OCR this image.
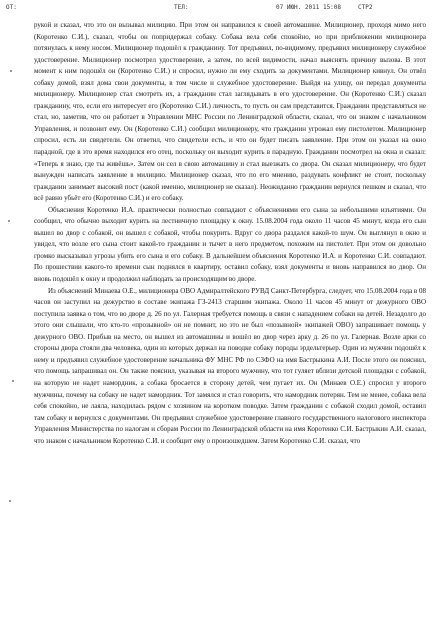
ОТ:	ТЕЛ:	07 ИЮН. 2011 15:08	СТР2

рукой и сказал, что это он вызывал милицию. При этом он направился к своей автомашине. Милиционер, проходя мимо него (Коротенко С.И.), сказал, чтобы он попридержал собаку. Собака вела себя спокойно, но при приближении милиционера потянулась к нему носом. Милиционер подошёл к гражданину. Тот предъявил, по-видимому, предъявил милиционеру служебное удостоверение. Милиционер посмотрел удостоверение, а затем, по всей видимости, начал выяснять причину вызова. В этот момент к ним подошёл он (Коротенко С.И.) и спросил, нужно ли ему сходить за документами. Милиционер кивнул. Он отвёл собаку домой, взял дома свои документы, в том числе и служебное удостоверение. Выйдя на улицу, он передал документы милиционеру. Милиционер стал смотреть их, а гражданин стал заглядывать в его удостоверение. Он (Коротенко С.И.) сказал гражданину, что, если его интересует его (Коротенко С.И.) личность, то пусть он сам представится. Гражданин представляться не стал, но, заметив, что он работает в Управлении МНС России по Ленинградской области, сказал, что он знаком с начальником Управления, и позвонит ему. Он (Коротенко С.И.) сообщил милиционеру, что гражданин угрожал ему пистолетом. Милиционер спросил, есть ли свидетели. Он ответил, что свидетели есть, и что он будет писать заявление. При этом он указал на окно парадной, где в это время находился его отец, поскольку он выходит курить в парадную. Гражданин посмотрел на окна и сказал: «Теперь я знаю, где ты живёшь». Затем он сел в свою автомашину и стал выезжать со двора. Он сказал милиционеру, что будет вынужден написать заявление в милицию. Милиционер сказал, что по его мнению, раздувать конфликт не стоит, поскольку гражданин занимает высокий пост (какой именно, милиционер не сказал). Неожиданно гражданин вернулся пешком и сказал, что всё равно убьёт его (Коротенко С.И.) и его собаку.

Объяснения Коротенко И.А. практически полностью совпадают с объяснениями его сына за небольшими изъятиями. Он сообщил, что обычно выходит курить на лестничную площадку к окну. 15.08.2004 года около 11 часов 45 минут, когда его сын вышел во двор с собакой, он вышел с собакой, чтобы покурить. Вдруг со двора раздался какой-то шум. Он выглянул в окно и увидел, что возле его сына стоит какой-то гражданин и тычет в него предметом, похожим на пистолет. При этом он довольно громко высказывал угрозы убить его сына и его собаку. В дальнейшем объяснения Коротенко И.А. и Коротенко С.И. совпадают. По прошествии какого-то времени сын поднялся в квартиру, оставил собаку, взял документы и вновь направился во двор. Он вновь подошёл к окну и продолжил наблюдать за происходящим во дворе.

Из объяснений Минаева О.Е., милиционера ОВО Адмиралтейского РУВД Санкт-Петербурга, следует, что 15.08.2004 года в 08 часов он заступил на дежурство в составе экипажа ГЗ-2413 старшим экипажа. Около 11 часов 45 минут от дежурного ОВО поступила заявка о том, что во дворе д. 26 по ул. Галерная требуется помощь в связи с нападением собаки на детей. Незадолго до этого они слышали, что кто-то «прозывной» он не помнит, но это не был «позывной» экипажей ОВО) запрашивает помощь у дежурного ОВО. Прибыв на место, он вышел из автомашины и вошёл во двор через арку д. 26 по ул. Галерная. Возле арки со стороны двора стояли два человека, один из которых держал на поводке собаку породы эрдельтерьер. Один из мужчин подошёл к нему и предъявил служебное удостоверение начальника ФУ МНС РФ по СЗФО на имя Бастрыкина А.И. После этого он пояснил, что помощь запрашивал он. Он также пояснил, указывая на второго мужчину, что тот гуляет вблизи детской площадки с собакой, на которую не надет намордник, а собака бросается в сторону детей, чем пугает их. Он (Минаев О.Е.) спросил у второго мужчины, почему на собаку не надет намордник. Тот замялся и стал говорить, что намордник потерян. Тем не менее, собака вела себя спокойно, не лаяла, находилась рядом с хозяином на коротком поводке. Затем гражданин с собакой сходил домой, оставил там собаку и вернулся с документами. Он предъявил служебное удостоверение главного государственного налогового инспектора Управления Министерства по налогам и сборам России по Ленинградской области на имя Коротенко С.И. Бастрыкин А.И. сказал, что знаком с начальником Коротенко С.И. и сообщит ему о произошедшем. Затем Коротенко С.И. сказал, что
